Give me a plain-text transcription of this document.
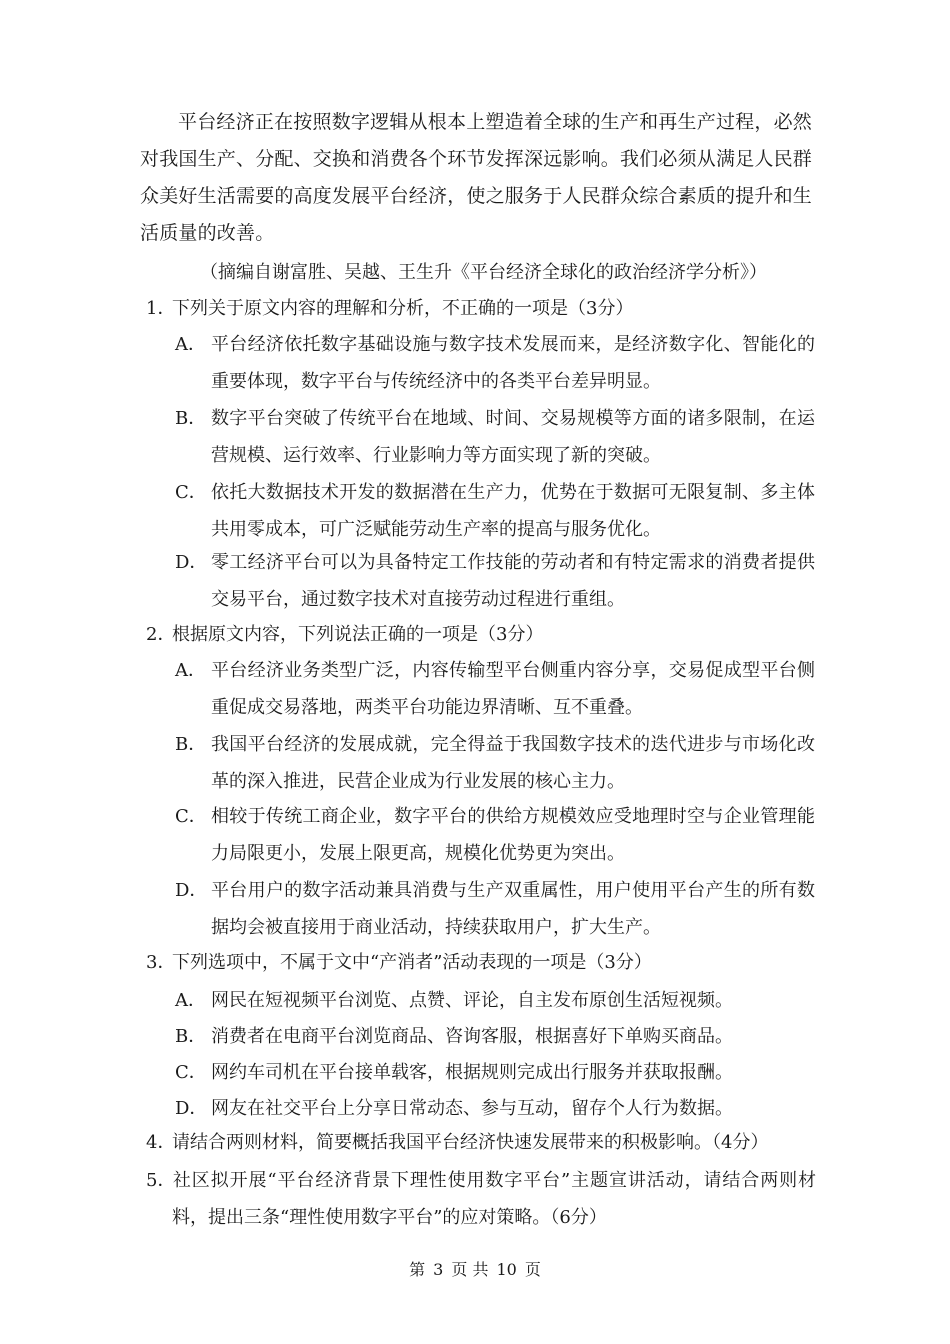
平台经济正在按照数字逻辑从根本上塑造着全球的生产和再生产过程，必然对我国生产、分配、交换和消费各个环节发挥深远影响。我们必须从满足人民群众美好生活需要的高度发展平台经济，使之服务于人民群众综合素质的提升和生活质量的改善。
（摘编自谢富胜、吴越、王生升《平台经济全球化的政治经济学分析》）
1．下列关于原文内容的理解和分析，不正确的一项是（3分）
A． 平台经济依托数字基础设施与数字技术发展而来，是经济数字化、智能化的重要体现，数字平台与传统经济中的各类平台差异明显。
B． 数字平台突破了传统平台在地域、时间、交易规模等方面的诸多限制，在运营规模、运行效率、行业影响力等方面实现了新的突破。
C． 依托大数据技术开发的数据潜在生产力，优势在于数据可无限复制、多主体共用零成本，可广泛赋能劳动生产率的提高与服务优化。
D． 零工经济平台可以为具备特定工作技能的劳动者和有特定需求的消费者提供交易平台，通过数字技术对直接劳动过程进行重组。
2．根据原文内容，下列说法正确的一项是（3分）
A． 平台经济业务类型广泛，内容传输型平台侧重内容分享，交易促成型平台侧重促成交易落地，两类平台功能边界清晰、互不重叠。
B． 我国平台经济的发展成就，完全得益于我国数字技术的迭代进步与市场化改革的深入推进，民营企业成为行业发展的核心主力。
C． 相较于传统工商企业，数字平台的供给方规模效应受地理时空与企业管理能力局限更小，发展上限更高，规模化优势更为突出。
D． 平台用户的数字活动兼具消费与生产双重属性，用户使用平台产生的所有数据均会被直接用于商业活动，持续获取用户，扩大生产。
3．下列选项中，不属于文中“产消者”活动表现的一项是（3分）
A． 网民在短视频平台浏览、点赞、评论，自主发布原创生活短视频。
B． 消费者在电商平台浏览商品、咨询客服，根据喜好下单购买商品。
C． 网约车司机在平台接单载客，根据规则完成出行服务并获取报酬。
D． 网友在社交平台上分享日常动态、参与互动，留存个人行为数据。
4．请结合两则材料，简要概括我国平台经济快速发展带来的积极影响。（4分）
5．社区拟开展“平台经济背景下理性使用数字平台”主题宣讲活动，请结合两则材料，提出三条“理性使用数字平台”的应对策略。（6分）
第 3 页 共 10 页
